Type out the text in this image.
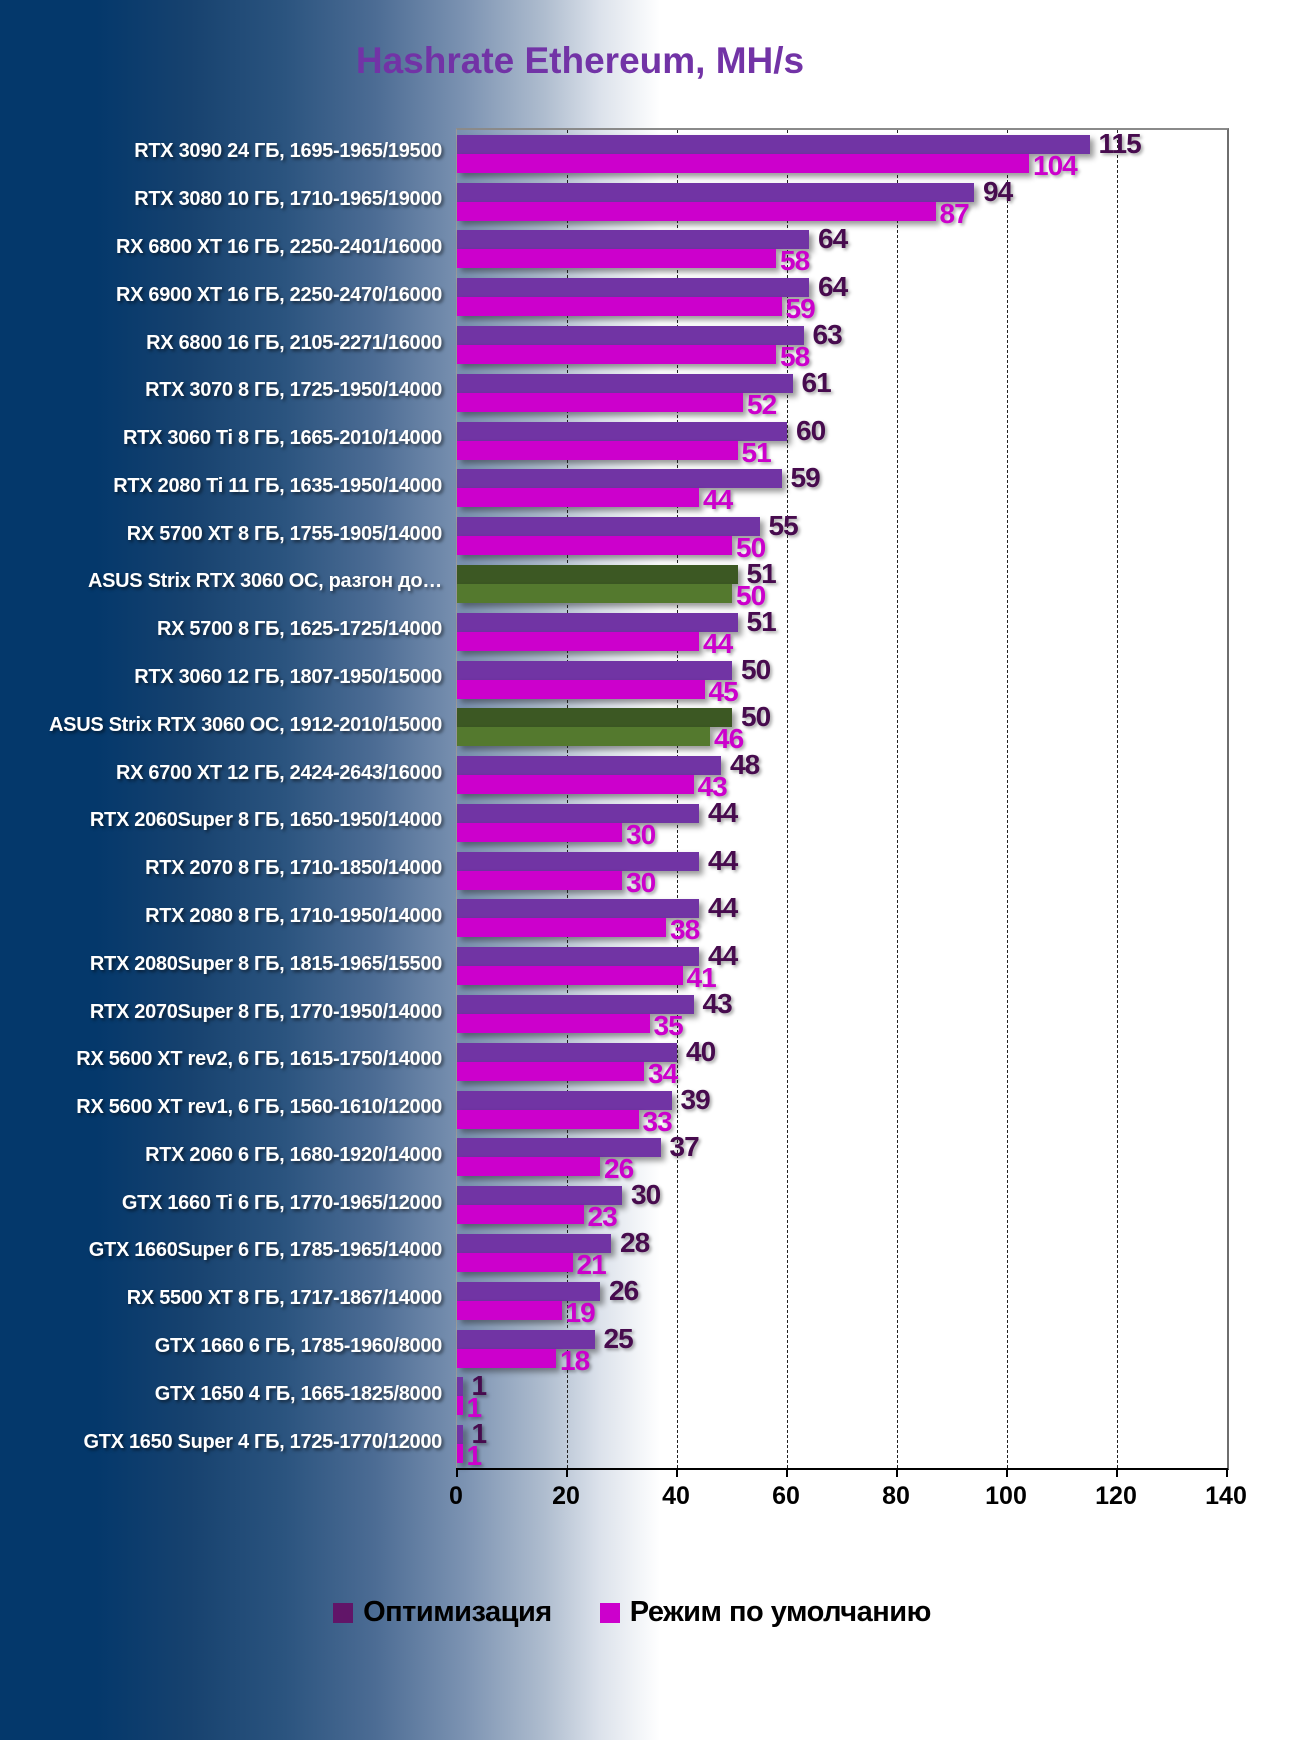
Hashrate Ethereum, MH/s
115
104
94
87
64
58
64
59
63
58
61
52
60
51
59
44
55
50
51
50
51
44
50
45
50
46
48
43
44
30
44
30
44
38
44
41
43
35
40
34
39
33
37
26
30
23
28
21
26
19
25
18
1
1
1
1
0	20	40	60	80	100	120	140
RTX 3090 24 ГБ, 1695-1965/19500
RTX 3080 10 ГБ, 1710-1965/19000
RX 6800 XT 16 ГБ, 2250-2401/16000
RX 6900 XT 16 ГБ, 2250-2470/16000
RX 6800 16 ГБ, 2105-2271/16000
RTX 3070 8 ГБ, 1725-1950/14000
RTX 3060 Ti 8 ГБ, 1665-2010/14000
RTX 2080 Ti 11 ГБ, 1635-1950/14000
RX 5700 XT 8 ГБ, 1755-1905/14000
ASUS Strix RTX 3060 OC, разгон до…
RX 5700 8 ГБ, 1625-1725/14000
RTX 3060 12 ГБ, 1807-1950/15000
ASUS Strix RTX 3060 OC, 1912-2010/15000
RX 6700 XT 12 ГБ, 2424-2643/16000
RTX 2060Super 8 ГБ, 1650-1950/14000
RTX 2070 8 ГБ, 1710-1850/14000
RTX 2080 8 ГБ, 1710-1950/14000
RTX 2080Super 8 ГБ, 1815-1965/15500
RTX 2070Super 8 ГБ, 1770-1950/14000
RX 5600 XT rev2, 6 ГБ, 1615-1750/14000
RX 5600 XT rev1, 6 ГБ, 1560-1610/12000
RTX 2060 6 ГБ, 1680-1920/14000
GTX 1660 Ti 6 ГБ, 1770-1965/12000
GTX 1660Super 6 ГБ, 1785-1965/14000
RX 5500 XT 8 ГБ, 1717-1867/14000
GTX 1660 6 ГБ, 1785-1960/8000
GTX 1650 4 ГБ, 1665-1825/8000
GTX 1650 Super 4 ГБ, 1725-1770/12000
Оптимизация	Режим по умолчанию
